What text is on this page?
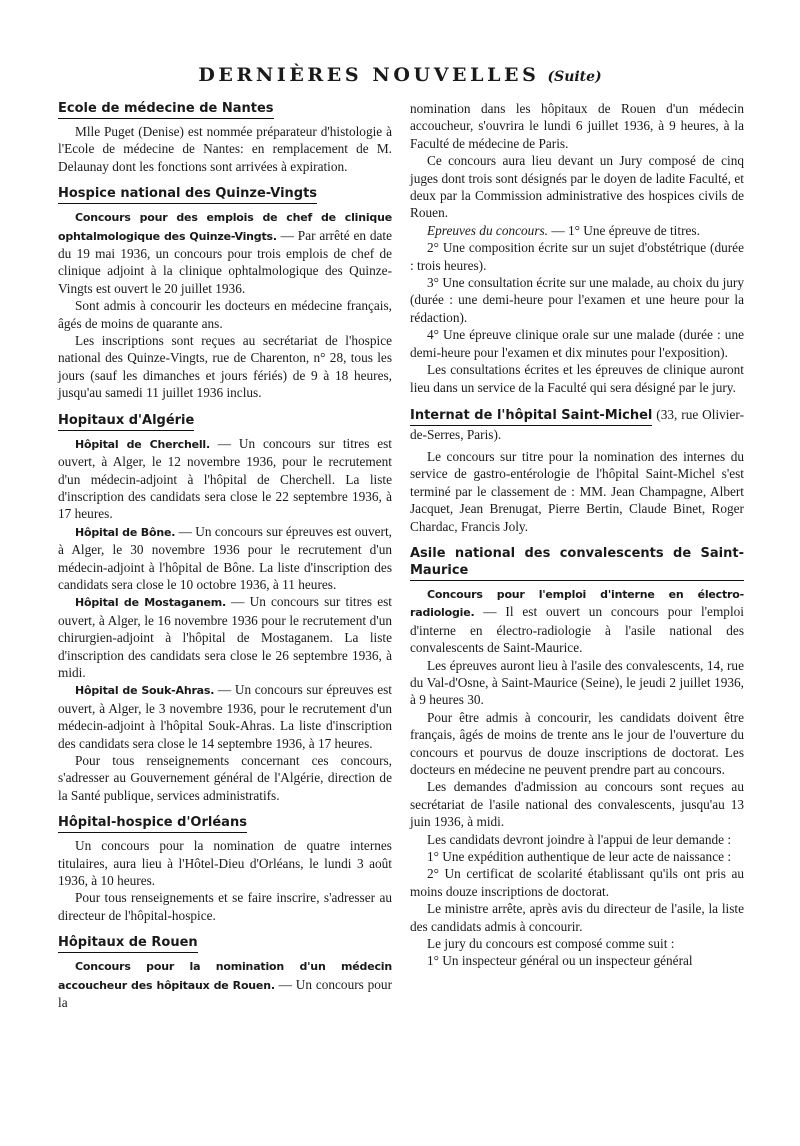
DERNIÈRES NOUVELLES (Suite)
Ecole de médecine de Nantes

Mlle Puget (Denise) est nommée préparateur d'histologie à l'Ecole de médecine de Nantes: en remplacement de M. Delaunay dont les fonctions sont arrivées à expiration.

Hospice national des Quinze-Vingts

Concours pour des emplois de chef de clinique ophtalmologique des Quinze-Vingts. — Par arrêté en date du 19 mai 1936, un concours pour trois emplois de chef de clinique adjoint à la clinique ophtalmologique des Quinze-Vingts est ouvert le 20 juillet 1936.

Sont admis à concourir les docteurs en médecine français, âgés de moins de quarante ans.

Les inscriptions sont reçues au secrétariat de l'hospice national des Quinze-Vingts, rue de Charenton, n° 28, tous les jours (sauf les dimanches et jours fériés) de 9 à 18 heures, jusqu'au samedi 11 juillet 1936 inclus.

Hopitaux d'Algérie

Hôpital de Cherchell. — Un concours sur titres est ouvert, à Alger, le 12 novembre 1936, pour le recrutement d'un médecin-adjoint à l'hôpital de Cherchell. La liste d'inscription des candidats sera close le 22 septembre 1936, à 17 heures.

Hôpital de Bône. — Un concours sur épreuves est ouvert, à Alger, le 30 novembre 1936 pour le recrutement d'un médecin-adjoint à l'hôpital de Bône. La liste d'inscription des candidats sera close le 10 octobre 1936, à 11 heures.

Hôpital de Mostaganem. — Un concours sur titres est ouvert, à Alger, le 16 novembre 1936 pour le recrutement d'un chirurgien-adjoint à l'hôpital de Mostaganem. La liste d'inscription des candidats sera close le 26 septembre 1936, à midi.

Hôpital de Souk-Ahras. — Un concours sur épreuves est ouvert, à Alger, le 3 novembre 1936, pour le recrutement d'un médecin-adjoint à l'hôpital Souk-Ahras. La liste d'inscription des candidats sera close le 14 septembre 1936, à 17 heures.

Pour tous renseignements concernant ces concours, s'adresser au Gouvernement général de l'Algérie, direction de la Santé publique, services administratifs.

Hôpital-hospice d'Orléans

Un concours pour la nomination de quatre internes titulaires, aura lieu à l'Hôtel-Dieu d'Orléans, le lundi 3 août 1936, à 10 heures.

Pour tous renseignements et se faire inscrire, s'adresser au directeur de l'hôpital-hospice.

Hôpitaux de Rouen

Concours pour la nomination d'un médecin accoucheur des hôpitaux de Rouen. — Un concours pour la

nomination dans les hôpitaux de Rouen d'un médecin accoucheur, s'ouvrira le lundi 6 juillet 1936, à 9 heures, à la Faculté de médecine de Paris.

Ce concours aura lieu devant un Jury composé de cinq juges dont trois sont désignés par le doyen de ladite Faculté, et deux par la Commission administrative des hospices civils de Rouen.

Epreuves du concours. — 1° Une épreuve de titres.

2° Une composition écrite sur un sujet d'obstétrique (durée : trois heures).

3° Une consultation écrite sur une malade, au choix du jury (durée : une demi-heure pour l'examen et une heure pour la rédaction).

4° Une épreuve clinique orale sur une malade (durée : une demi-heure pour l'examen et dix minutes pour l'exposition).

Les consultations écrites et les épreuves de clinique auront lieu dans un service de la Faculté qui sera désigné par le jury.

Internat de l'hôpital Saint-Michel (33, rue Olivier-de-Serres, Paris).

Le concours sur titre pour la nomination des internes du service de gastro-entérologie de l'hôpital Saint-Michel s'est terminé par le classement de : MM. Jean Champagne, Albert Jacquet, Jean Brenugat, Pierre Bertin, Claude Binet, Roger Chardac, Francis Joly.

Asile national des convalescents de Saint-Maurice

Concours pour l'emploi d'interne en électro-radiologie. — Il est ouvert un concours pour l'emploi d'interne en électro-radiologie à l'asile national des convalescents de Saint-Maurice.

Les épreuves auront lieu à l'asile des convalescents, 14, rue du Val-d'Osne, à Saint-Maurice (Seine), le jeudi 2 juillet 1936, à 9 heures 30.

Pour être admis à concourir, les candidats doivent être français, âgés de moins de trente ans le jour de l'ouverture du concours et pourvus de douze inscriptions de doctorat. Les docteurs en médecine ne peuvent prendre part au concours.

Les demandes d'admission au concours sont reçues au secrétariat de l'asile national des convalescents, jusqu'au 13 juin 1936, à midi.

Les candidats devront joindre à l'appui de leur demande :

1° Une expédition authentique de leur acte de naissance :

2° Un certificat de scolarité établissant qu'ils ont pris au moins douze inscriptions de doctorat.

Le ministre arrête, après avis du directeur de l'asile, la liste des candidats admis à concourir.

Le jury du concours est composé comme suit :

1° Un inspecteur général ou un inspecteur général
